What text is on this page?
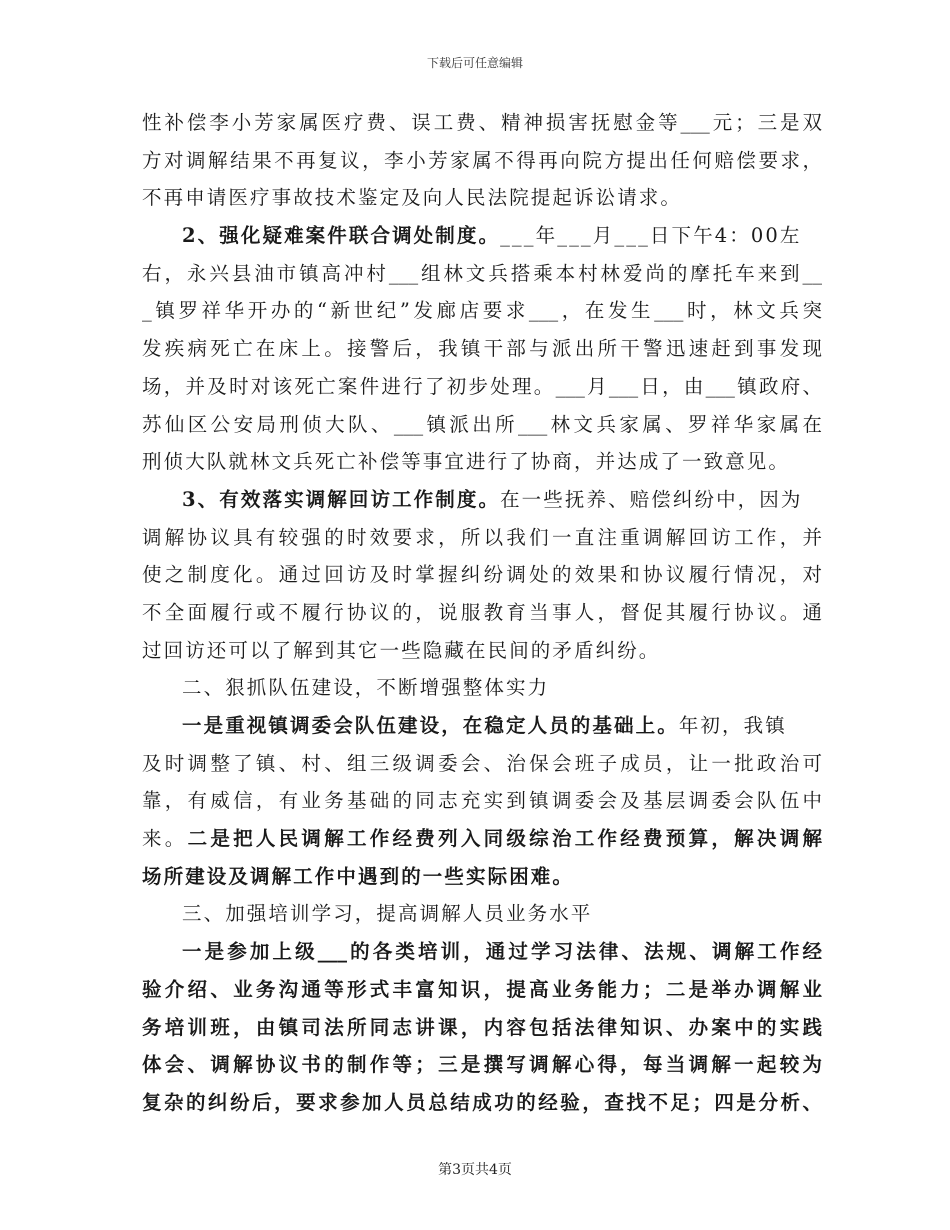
下载后可任意编辑
性补偿李小芳家属医疗费、误工费、精神损害抚慰金等___元；三是双
方对调解结果不再复议，李小芳家属不得再向院方提出任何赔偿要求，
不再申请医疗事故技术鉴定及向人民法院提起诉讼请求。
2、强化疑难案件联合调处制度。___年___月___日下午4：00左
右，永兴县油市镇高冲村___组林文兵搭乘本村林爱尚的摩托车来到__
_镇罗祥华开办的“新世纪”发廊店要求___，在发生___时，林文兵突
发疾病死亡在床上。接警后，我镇干部与派出所干警迅速赶到事发现
场，并及时对该死亡案件进行了初步处理。___月___日，由___镇政府、
苏仙区公安局刑侦大队、___镇派出所___林文兵家属、罗祥华家属在
刑侦大队就林文兵死亡补偿等事宜进行了协商，并达成了一致意见。
3、有效落实调解回访工作制度。在一些抚养、赔偿纠纷中，因为
调解协议具有较强的时效要求，所以我们一直注重调解回访工作，并
使之制度化。通过回访及时掌握纠纷调处的效果和协议履行情况，对
不全面履行或不履行协议的，说服教育当事人，督促其履行协议。通
过回访还可以了解到其它一些隐藏在民间的矛盾纠纷。
二、狠抓队伍建设，不断增强整体实力
一是重视镇调委会队伍建设，在稳定人员的基础上。年初，我镇
及时调整了镇、村、组三级调委会、治保会班子成员，让一批政治可
靠，有威信，有业务基础的同志充实到镇调委会及基层调委会队伍中
来。二是把人民调解工作经费列入同级综治工作经费预算，解决调解
场所建设及调解工作中遇到的一些实际困难。
三、加强培训学习，提高调解人员业务水平
一是参加上级___的各类培训，通过学习法律、法规、调解工作经
验介绍、业务沟通等形式丰富知识，提高业务能力；二是举办调解业
务培训班，由镇司法所同志讲课，内容包括法律知识、办案中的实践
体会、调解协议书的制作等；三是撰写调解心得，每当调解一起较为
复杂的纠纷后，要求参加人员总结成功的经验，查找不足；四是分析、
第3页共4页
